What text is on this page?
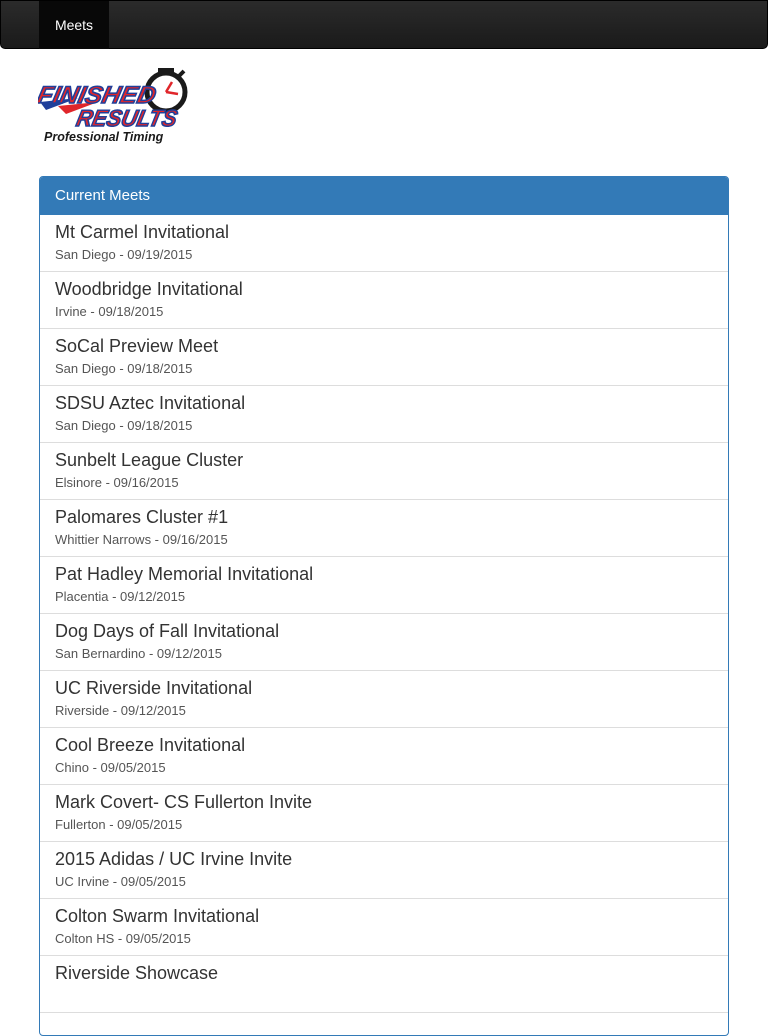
Meets
FINISHED
RESULTS
Professional Timing
Current Meets
Mt Carmel Invitational
San Diego - 09/19/2015
Woodbridge Invitational
Irvine - 09/18/2015
SoCal Preview Meet
San Diego - 09/18/2015
SDSU Aztec Invitational
San Diego - 09/18/2015
Sunbelt League Cluster
Elsinore - 09/16/2015
Palomares Cluster #1
Whittier Narrows - 09/16/2015
Pat Hadley Memorial Invitational
Placentia - 09/12/2015
Dog Days of Fall Invitational
San Bernardino - 09/12/2015
UC Riverside Invitational
Riverside - 09/12/2015
Cool Breeze Invitational
Chino - 09/05/2015
Mark Covert- CS Fullerton Invite
Fullerton - 09/05/2015
2015 Adidas / UC Irvine Invite
UC Irvine - 09/05/2015
Colton Swarm Invitational
Colton HS - 09/05/2015
Riverside Showcase
